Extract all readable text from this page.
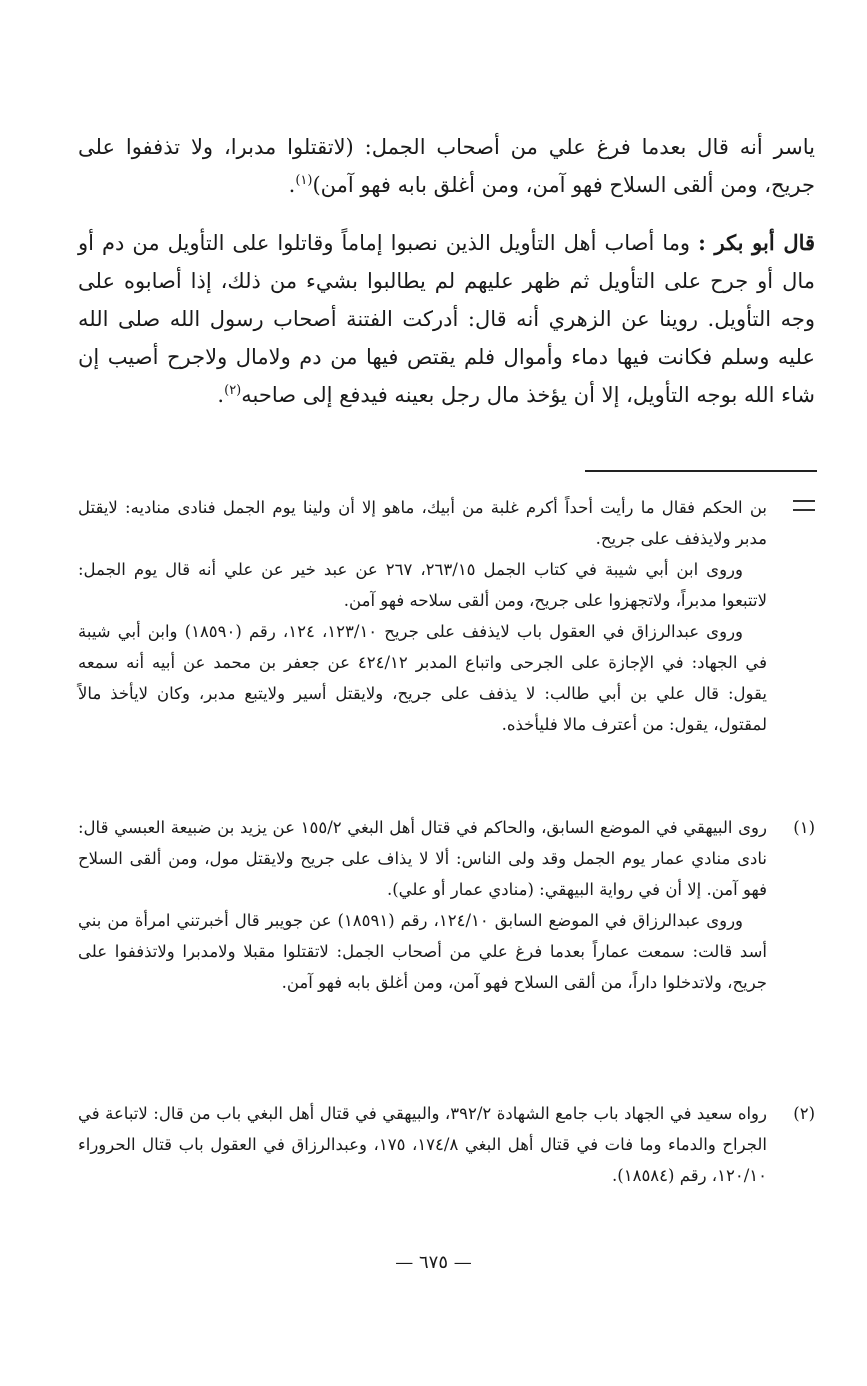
ياسر أنه قال بعدما فرغ علي من أصحاب الجمل: (لاتقتلوا مدبرا، ولا تذففوا على جريح، ومن ألقى السلاح فهو آمن، ومن أغلق بابه فهو آمن)$^{(١)}$.

قال أبو بكر : وما أصاب أهل التأويل الذين نصبوا إماماً وقاتلوا على التأويل من دم أو مال أو جرح على التأويل ثم ظهر عليهم لم يطالبوا بشيء من ذلك، إذا أصابوه على وجه التأويل. روينا عن الزهري أنه قال: أدركت الفتنة أصحاب رسول الله صلى الله عليه وسلم فكانت فيها دماء وأموال فلم يقتص فيها من دم ولامال ولاجرح أصيب إن شاء الله بوجه التأويل، إلا أن يؤخذ مال رجل بعينه فيدفع إلى صاحبه$^{(٢)}$.

بن الحكم فقال ما رأيت أحداً أكرم غلبة من أبيك، ماهو إلا أن ولينا يوم الجمل فنادى مناديه: لايقتل مدبر ولايذفف على جريح.

وروى ابن أبي شيبة في كتاب الجمل ٢٦٣/١٥، ٢٦٧ عن عبد خير عن علي أنه قال يوم الجمل: لاتتبعوا مدبراً، ولاتجهزوا على جريح، ومن ألقى سلاحه فهو آمن.

وروى عبدالرزاق في العقول باب لايذفف على جريح ١٢٣/١٠، ١٢٤، رقم (١٨٥٩٠) وابن أبي شيبة في الجهاد: في الإجازة على الجرحى واتباع المدبر ٤٢٤/١٢ عن جعفر بن محمد عن أبيه أنه سمعه يقول: قال علي بن أبي طالب: لا يذفف على جريح، ولايقتل أسير ولايتبع مدبر، وكان لايأخذ مالاً لمقتول، يقول: من أعترف مالا فليأخذه.

(١)

روى البيهقي في الموضع السابق، والحاكم في قتال أهل البغي ١٥٥/٢ عن يزيد بن ضبيعة العبسي قال: نادى منادي عمار يوم الجمل وقد ولى الناس: ألا لا يذاف على جريح ولايقتل مول، ومن ألقى السلاح فهو آمن. إلا أن في رواية البيهقي: (منادي عمار أو علي).

وروى عبدالرزاق في الموضع السابق ١٢٤/١٠، رقم (١٨٥٩١) عن جويبر قال أخبرتني امرأة من بني أسد قالت: سمعت عماراً بعدما فرغ علي من أصحاب الجمل: لاتقتلوا مقبلا ولامدبرا ولاتذففوا على جريح، ولاتدخلوا داراً، من ألقى السلاح فهو آمن، ومن أغلق بابه فهو آمن.

(٢)

رواه سعيد في الجهاد باب جامع الشهادة ٣٩٢/٢، والبيهقي في قتال أهل البغي باب من قال: لاتباعة في الجراح والدماء وما فات في قتال أهل البغي ١٧٤/٨، ١٧٥، وعبدالرزاق في العقول باب قتال الحروراء ١٢٠/١٠، رقم (١٨٥٨٤).

— ٦٧٥ —
